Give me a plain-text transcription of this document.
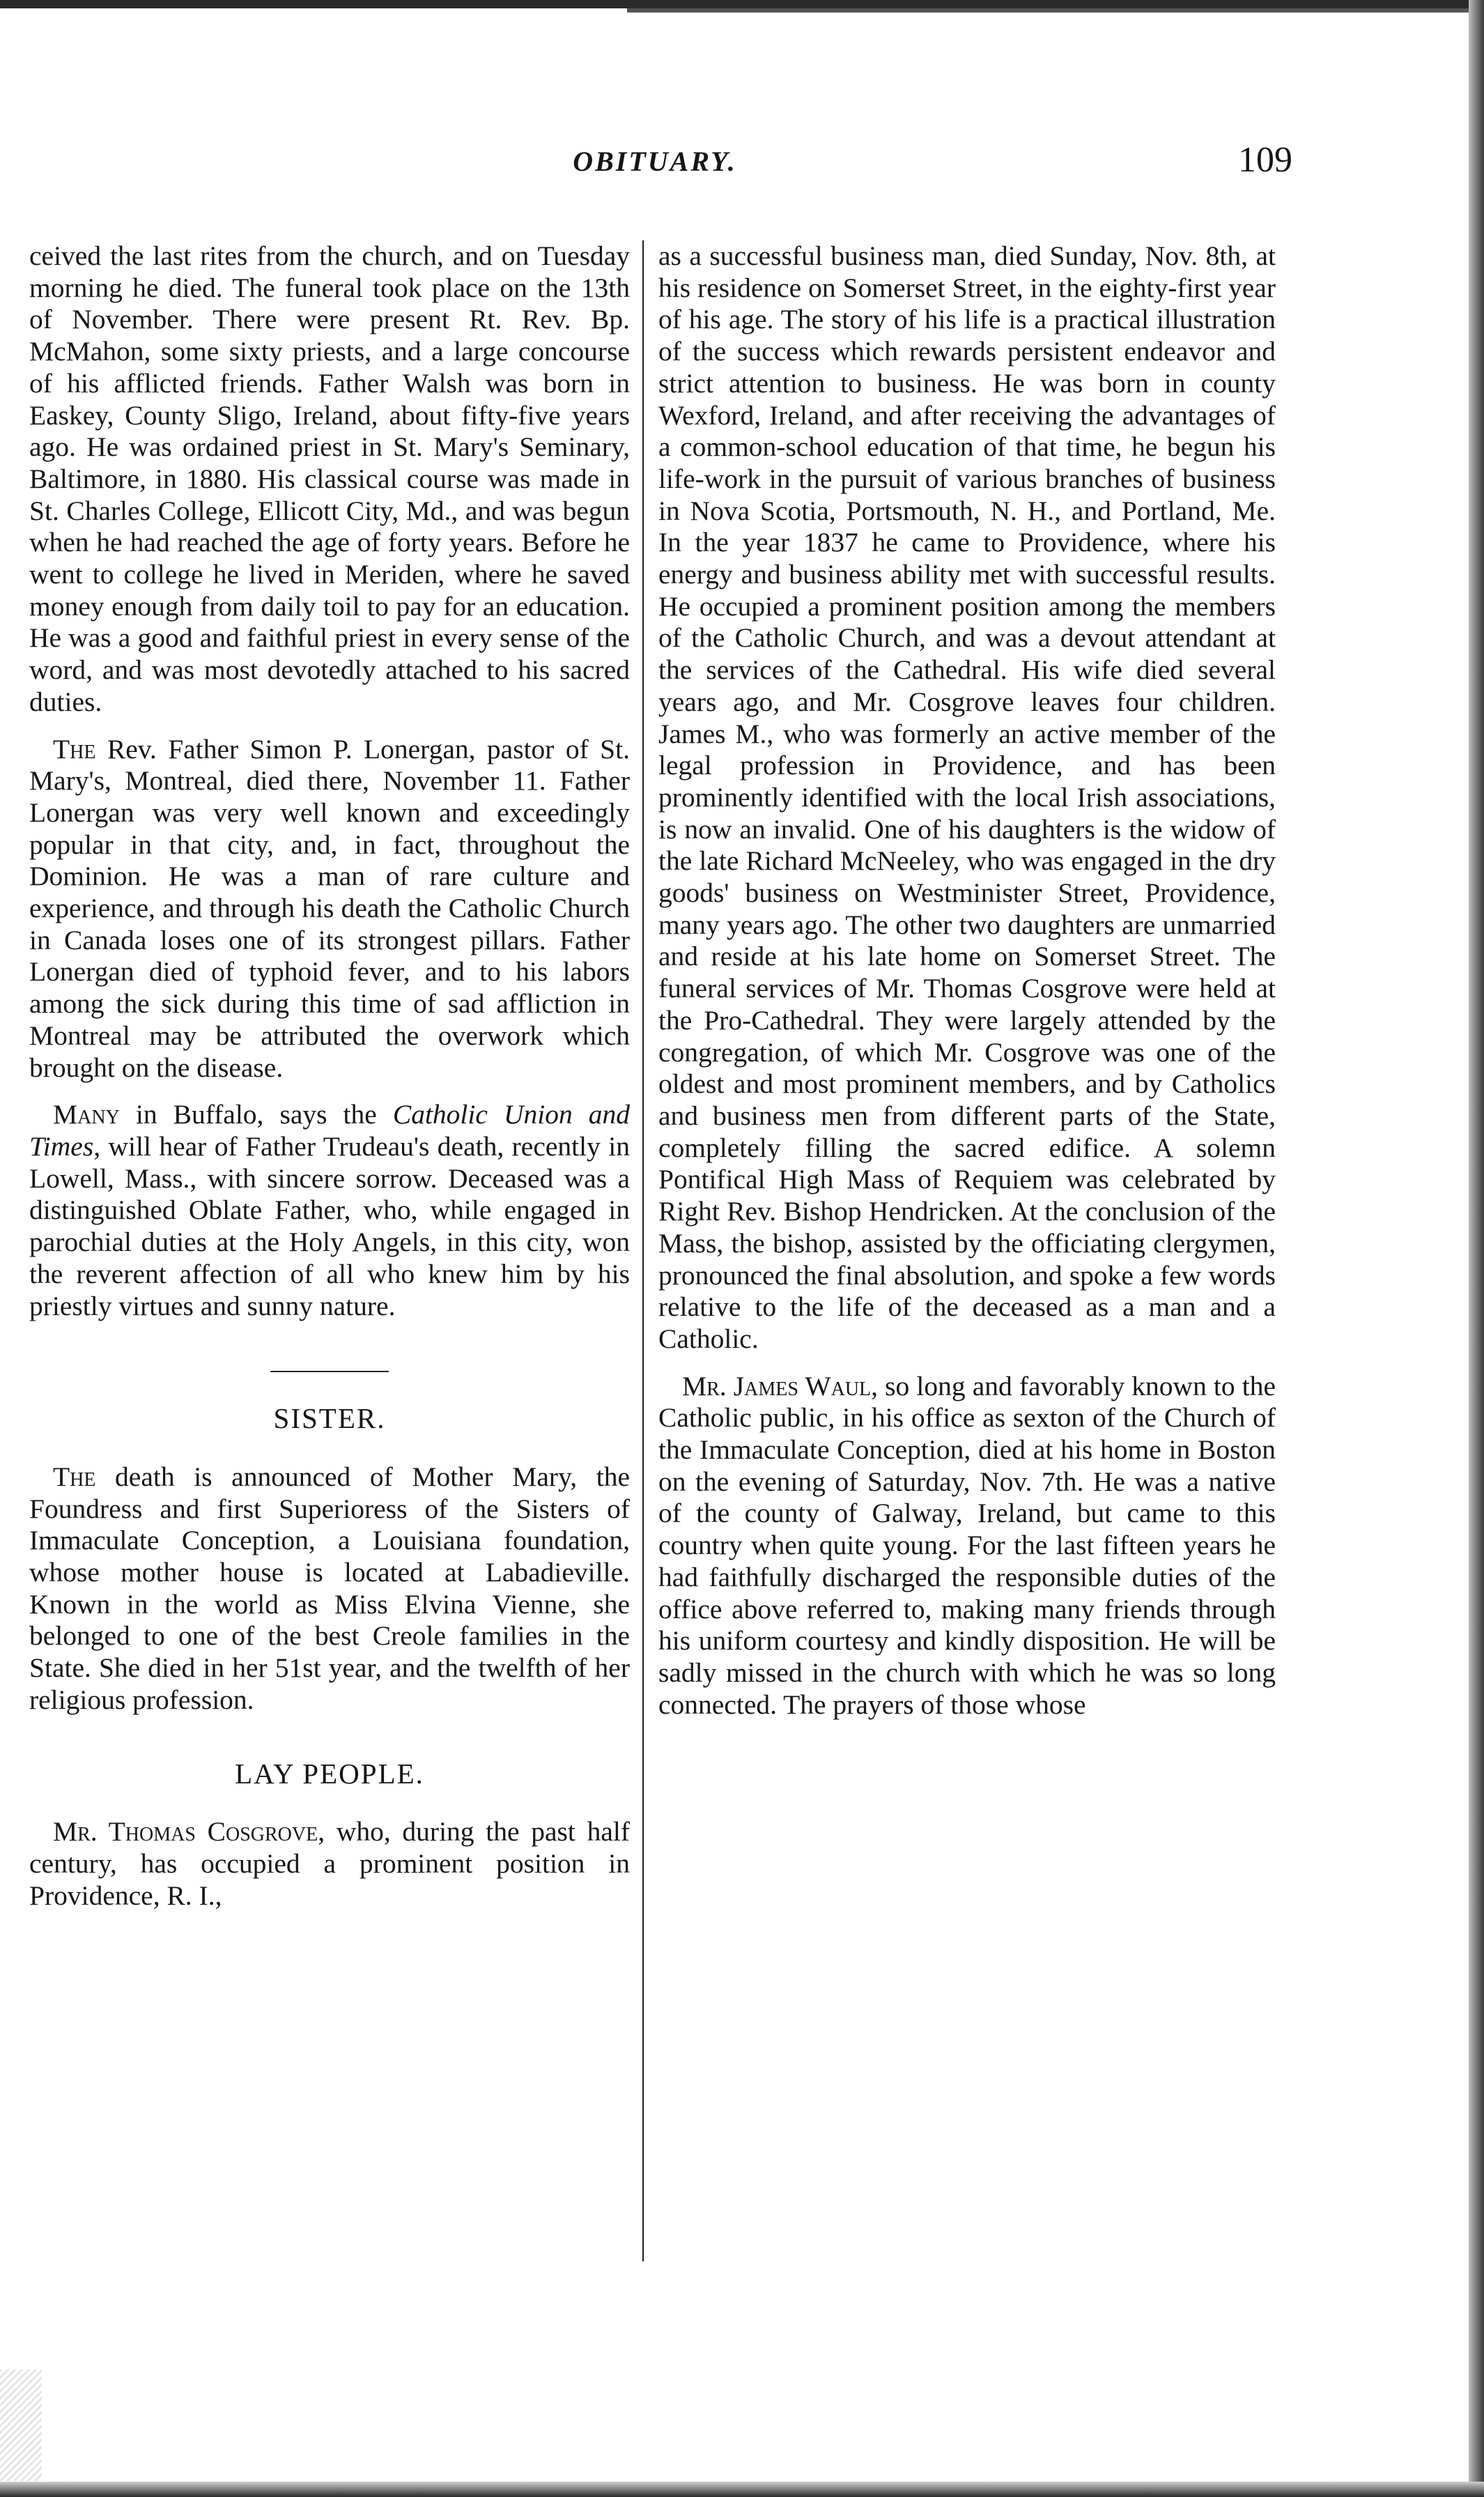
OBITUARY.	109

ceived the last rites from the church, and on Tuesday morning he died. The funeral took place on the 13th of November. There were present Rt. Rev. Bp. McMahon, some sixty priests, and a large concourse of his afflicted friends. Father Walsh was born in Easkey, County Sligo, Ireland, about fifty-five years ago. He was ordained priest in St. Mary's Seminary, Baltimore, in 1880. His classical course was made in St. Charles College, Ellicott City, Md., and was begun when he had reached the age of forty years. Before he went to college he lived in Meriden, where he saved money enough from daily toil to pay for an education. He was a good and faithful priest in every sense of the word, and was most devotedly attached to his sacred duties.

The Rev. Father Simon P. Lonergan, pastor of St. Mary's, Montreal, died there, November 11. Father Lonergan was very well known and exceedingly popular in that city, and, in fact, throughout the Dominion. He was a man of rare culture and experience, and through his death the Catholic Church in Canada loses one of its strongest pillars. Father Lonergan died of typhoid fever, and to his labors among the sick during this time of sad affliction in Montreal may be attributed the overwork which brought on the disease.

Many in Buffalo, says the Catholic Union and Times, will hear of Father Trudeau's death, recently in Lowell, Mass., with sincere sorrow. Deceased was a distinguished Oblate Father, who, while engaged in parochial duties at the Holy Angels, in this city, won the reverent affection of all who knew him by his priestly virtues and sunny nature.

SISTER.

The death is announced of Mother Mary, the Foundress and first Superioress of the Sisters of Immaculate Conception, a Louisiana foundation, whose mother house is located at Labadieville. Known in the world as Miss Elvina Vienne, she belonged to one of the best Creole families in the State. She died in her 51st year, and the twelfth of her religious profession.

LAY PEOPLE.

Mr. Thomas Cosgrove, who, during the past half century, has occupied a prominent position in Providence, R. I.,

as a successful business man, died Sunday, Nov. 8th, at his residence on Somerset Street, in the eighty-first year of his age. The story of his life is a practical illustration of the success which rewards persistent endeavor and strict attention to business. He was born in county Wexford, Ireland, and after receiving the advantages of a common-school education of that time, he begun his life-work in the pursuit of various branches of business in Nova Scotia, Portsmouth, N. H., and Portland, Me. In the year 1837 he came to Providence, where his energy and business ability met with successful results. He occupied a prominent position among the members of the Catholic Church, and was a devout attendant at the services of the Cathedral. His wife died several years ago, and Mr. Cosgrove leaves four children. James M., who was formerly an active member of the legal profession in Providence, and has been prominently identified with the local Irish associations, is now an invalid. One of his daughters is the widow of the late Richard McNeeley, who was engaged in the dry goods' business on Westminister Street, Providence, many years ago. The other two daughters are unmarried and reside at his late home on Somerset Street. The funeral services of Mr. Thomas Cosgrove were held at the Pro-Cathedral. They were largely attended by the congregation, of which Mr. Cosgrove was one of the oldest and most prominent members, and by Catholics and business men from different parts of the State, completely filling the sacred edifice. A solemn Pontifical High Mass of Requiem was celebrated by Right Rev. Bishop Hendricken. At the conclusion of the Mass, the bishop, assisted by the officiating clergymen, pronounced the final absolution, and spoke a few words relative to the life of the deceased as a man and a Catholic.

Mr. James Waul, so long and favorably known to the Catholic public, in his office as sexton of the Church of the Immaculate Conception, died at his home in Boston on the evening of Saturday, Nov. 7th. He was a native of the county of Galway, Ireland, but came to this country when quite young. For the last fifteen years he had faithfully discharged the responsible duties of the office above referred to, making many friends through his uniform courtesy and kindly disposition. He will be sadly missed in the church with which he was so long connected. The prayers of those whose
